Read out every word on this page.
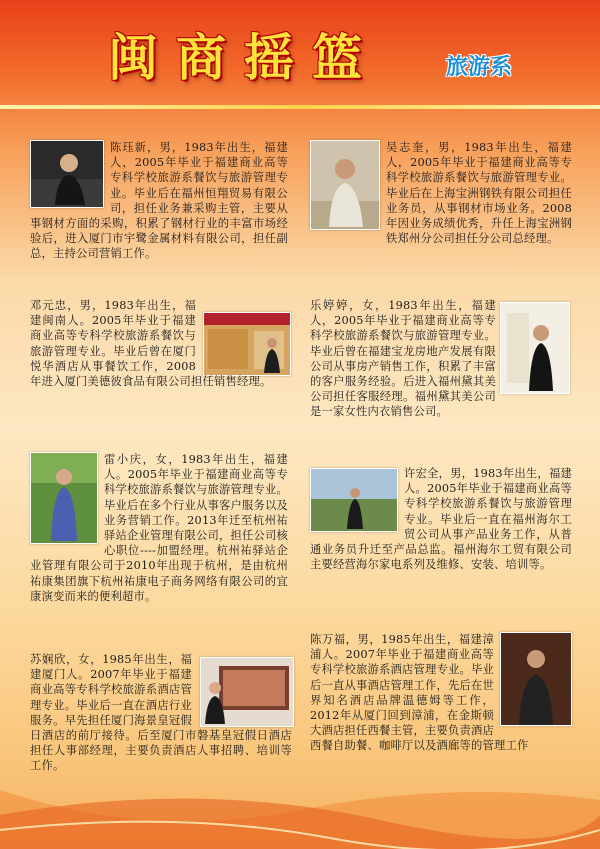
闽商摇篮	旅游系

陈珏新，男，1983年出生，福建人，2005年毕业于福建商业高等专科学校旅游系餐饮与旅游管理专业。毕业后在福州恒翔贸易有限公司，担任业务兼采购主管，主要从事钢材方面的采购，积累了钢材行业的丰富市场经验后，进入厦门市宇鹭金属材料有限公司，担任副总，主持公司营销工作。

吴志奎，男，1983年出生，福建人，2005年毕业于福建商业高等专科学校旅游系餐饮与旅游管理专业。毕业后在上海宝洲钢铁有限公司担任业务员，从事钢材市场业务。2008年因业务成绩优秀，升任上海宝洲钢铁郑州分公司担任分公司总经理。

邓元忠，男，1983年出生，福建闽南人。2005年毕业于福建商业高等专科学校旅游系餐饮与旅游管理专业。毕业后曾在厦门悦华酒店从事餐饮工作，2008年进入厦门美德彼食品有限公司担任销售经理。

乐婷婷，女，1983年出生，福建人，2005年毕业于福建商业高等专科学校旅游系餐饮与旅游管理专业。毕业后曾在福建宝龙房地产发展有限公司从事房产销售工作，积累了丰富的客户服务经验。后进入福州黛其美公司担任客服经理。福州黛其美公司是一家女性内衣销售公司。

雷小庆，女，1983年出生，福建人。2005年毕业于福建商业高等专科学校旅游系餐饮与旅游管理专业。毕业后在多个行业从事客户服务以及业务营销工作。2013年迁至杭州祐驿站企业管理有限公司，担任公司核心职位----加盟经理。杭州祐驿站企业管理有限公司于2010年出现于杭州，是由杭州祐康集团旗下杭州祐康电子商务网络有限公司的宜康演变而来的便利超市。

许宏全，男，1983年出生，福建人。2005年毕业于福建商业高等专科学校旅游系餐饮与旅游管理专业。毕业后一直在福州海尔工贸公司从事产品业务工作，从普通业务员升迁至产品总监。福州海尔工贸有限公司主要经营海尔家电系列及维修、安装、培训等。

苏娴欣，女，1985年出生，福建厦门人。2007年毕业于福建商业高等专科学校旅游系酒店管理专业。毕业后一直在酒店行业服务。早先担任厦门海景皇冠假日酒店的前厅接待。后至厦门市磐基皇冠假日酒店担任人事部经理，主要负责酒店人事招聘、培训等工作。

陈万福，男，1985年出生，福建漳浦人。2007年毕业于福建商业高等专科学校旅游系酒店管理专业。毕业后一直从事酒店管理工作，先后在世界知名酒店品牌温德姆等工作，2012年从厦门回到漳浦，在金斯顿大酒店担任西餐主管，主要负责酒店西餐自助餐、咖啡厅以及酒廊等的管理工作
